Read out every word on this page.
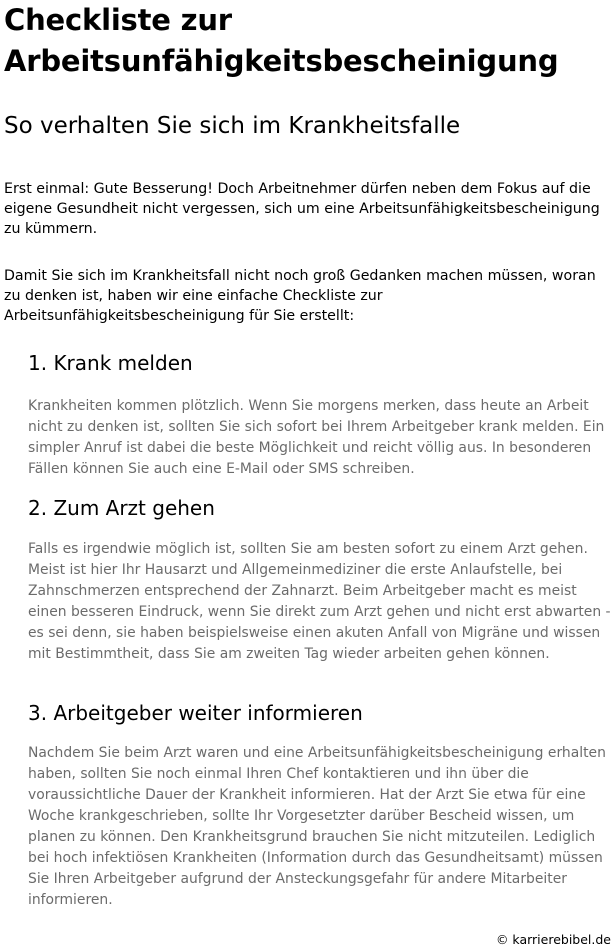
Checkliste zur Arbeitsunfähigkeitsbescheinigung
So verhalten Sie sich im Krankheitsfalle

Erst einmal: Gute Besserung! Doch Arbeitnehmer dürfen neben dem Fokus auf die eigene Gesundheit nicht vergessen, sich um eine Arbeitsunfähigkeitsbescheinigung zu kümmern.

Damit Sie sich im Krankheitsfall nicht noch groß Gedanken machen müssen, woran zu denken ist, haben wir eine einfache Checkliste zur Arbeitsunfähigkeitsbescheinigung für Sie erstellt:

1. Krank melden

Krankheiten kommen plötzlich. Wenn Sie morgens merken, dass heute an Arbeit nicht zu denken ist, sollten Sie sich sofort bei Ihrem Arbeitgeber krank melden. Ein simpler Anruf ist dabei die beste Möglichkeit und reicht völlig aus. In besonderen Fällen können Sie auch eine E-Mail oder SMS schreiben.

2. Zum Arzt gehen

Falls es irgendwie möglich ist, sollten Sie am besten sofort zu einem Arzt gehen. Meist ist hier Ihr Hausarzt und Allgemeinmediziner die erste Anlaufstelle, bei Zahnschmerzen entsprechend der Zahnarzt. Beim Arbeitgeber macht es meist einen besseren Eindruck, wenn Sie direkt zum Arzt gehen und nicht erst abwarten - es sei denn, sie haben beispielsweise einen akuten Anfall von Migräne und wissen mit Bestimmtheit, dass Sie am zweiten Tag wieder arbeiten gehen können.

3. Arbeitgeber weiter informieren

Nachdem Sie beim Arzt waren und eine Arbeitsunfähigkeitsbescheinigung erhalten haben, sollten Sie noch einmal Ihren Chef kontaktieren und ihn über die voraussichtliche Dauer der Krankheit informieren. Hat der Arzt Sie etwa für eine Woche krankgeschrieben, sollte Ihr Vorgesetzter darüber Bescheid wissen, um planen zu können. Den Krankheitsgrund brauchen Sie nicht mitzuteilen. Lediglich bei hoch infektiösen Krankheiten (Information durch das Gesundheitsamt) müssen Sie Ihren Arbeitgeber aufgrund der Ansteckungsgefahr für andere Mitarbeiter informieren.

© karrierebibel.de
